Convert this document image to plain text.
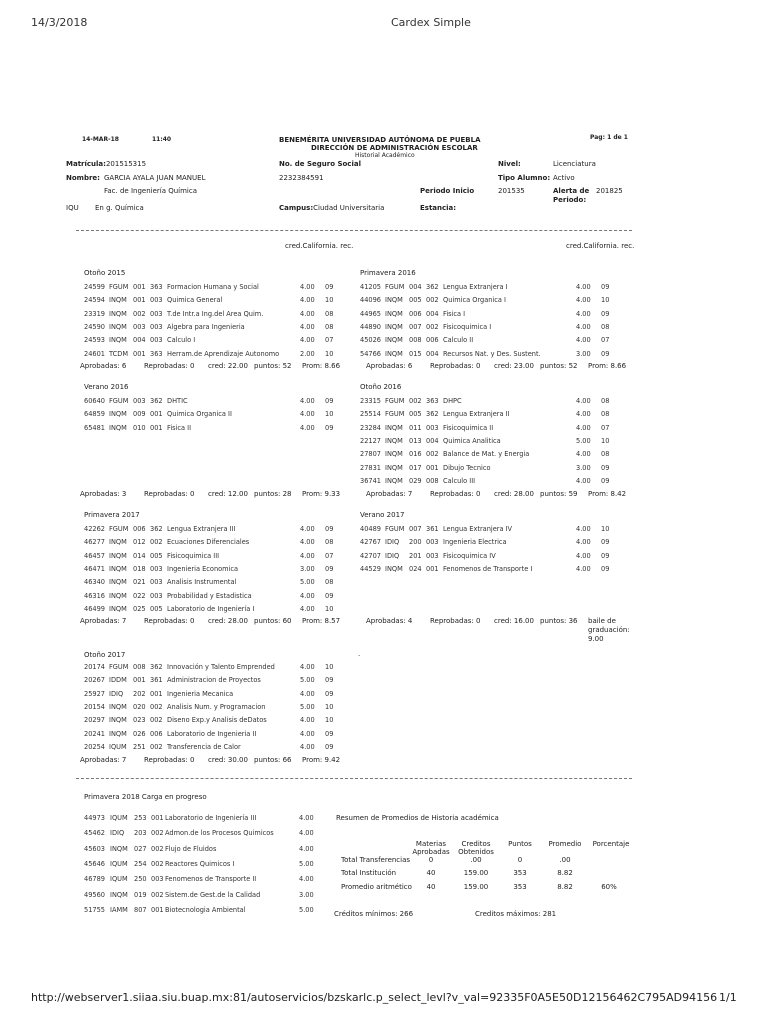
14/3/2018	Cardex Simple
14-MAR-18	11:40	BENEMÉRITA UNIVERSIDAD AUTÓNOMA DE PUEBLA
DIRECCIÓN DE ADMINISTRACIÓN ESCOLAR
Historial Académico
Pag: 1 de 1
Matrícula:201515315	No. de Seguro Social	Nivel:	Licenciatura
Nombre: GARCIA AYALA JUAN MANUEL	2232384591	Tipo Alumno: Activo
Fac. de Ingeniería Química	Periodo Inicio	201535	Alerta de Periodo:
201825
IQU En g. Química	Campus:Ciudad Universitaria	Estancia:
cred.California. rec.	cred.California. rec.
Otoño 2015
24599 FGUM 001 363 Formacion Humana y Social	4.00 09
24594 INQM 001 003 Quimica General	4.00 10
23319 INQM 002 003 T.de Intr.a Ing.del Area Quim.	4.00 08
24590 INQM 003 003 Algebra para Ingenieria	4.00 08
24593 INQM 004 003 Calculo I	4.00 07
24601 TCDM 001 363 Herram.de Aprendizaje Autonomo	2.00 10
Aprobadas: 6	Reprobadas: 0 cred: 22.00 puntos: 52 Prom: 8.66
Primavera 2016
41205 FGUM 004 362 Lengua Extranjera I	4.00 09
44096 INQM 005 002 Quimica Organica I	4.00 10
44965 INQM 006 004 Fisica I	4.00 09
44890 INQM 007 002 Fisicoquimica I	4.00 08
45026 INQM 008 006 Calculo II	4.00 07
54766 INQM 015 004 Recursos Nat. y Des. Sustent.	3.00 09
Aprobadas: 6	Reprobadas: 0 cred: 23.00 puntos: 52 Prom: 8.66
Verano 2016
60640 FGUM 003 362 DHTIC	4.00 09
64859 INQM 009 001 Quimica Organica II	4.00 10
65481 INQM 010 001 Fisica II	4.00 09
Aprobadas: 3	Reprobadas: 0 cred: 12.00 puntos: 28 Prom: 9.33
Otoño 2016
23315 FGUM 002 363 DHPC	4.00 08
25514 FGUM 005 362 Lengua Extranjera II	4.00 08
23284 INQM 011 003 Fisicoquimica II	4.00 07
22127 INQM 013 004 Quimica Analitica	5.00 10
27807 INQM 016 002 Balance de Mat. y Energia	4.00 08
27831 INQM 017 001 Dibujo Tecnico	3.00 09
36741 INQM 029 008 Calculo III	4.00 09
Aprobadas: 7	Reprobadas: 0 cred: 28.00 puntos: 59 Prom: 8.42
Primavera 2017
42262 FGUM 006 362 Lengua Extranjera III	4.00 09
46277 INQM 012 002 Ecuaciones Diferenciales	4.00 08
46457 INQM 014 005 Fisicoquimica III	4.00 07
46471 INQM 018 003 Ingenieria Economica	3.00 09
46340 INQM 021 003 Analisis Instrumental	5.00 08
46316 INQM 022 003 Probabilidad y Estadistica	4.00 09
46499 INQM 025 005 Laboratorio de Ingeniería I	4.00 10
Aprobadas: 7	Reprobadas: 0 cred: 28.00 puntos: 60 Prom: 8.57
Verano 2017
40489 FGUM 007 361 Lengua Extranjera IV	4.00 10
42767 IDIQ 200 003 Ingenieria Electrica	4.00 09
42707 IDIQ 201 003 Fisicoquimica IV	4.00 09
44529 INQM 024 001 Fenomenos de Transporte I	4.00 09
Aprobadas: 4	Reprobadas: 0 cred: 16.00 puntos: 36 baile de graduación: 9.00
Otoño 2017
20174 FGUM 008 362 Innovación y Talento Emprended	4.00 10
20267 IDDM 001 361 Administracion de Proyectos	5.00 09
25927 IDIQ 202 001 Ingenieria Mecanica	4.00 09
20154 INQM 020 002 Analisis Num. y Programacion	5.00 10
20297 INQM 023 002 Diseno Exp.y Analisis deDatos	4.00 10
20241 INQM 026 006 Laboratorio de Ingenieria II	4.00 09
20254 IQUM 251 002 Transferencia de Calor	4.00 09
Aprobadas: 7	Reprobadas: 0 cred: 30.00 puntos: 66 Prom: 9.42
.
Primavera 2018 Carga en progreso
44973 IQUM 253 001 Laboratorio de Ingeniería III	4.00
45462 IDIQ 203 002 Admon.de los Procesos Quimicos	4.00
45603 INQM 027 002 Flujo de Fluidos	4.00
45646 IQUM 254 002 Reactores Quimicos I	5.00
46789 IQUM 250 003 Fenomenos de Transporte II	4.00
49560 INQM 019 002 Sistem.de Gest.de la Calidad	3.00
51755 IAMM 807 001 Biotecnologia Ambiental	5.00
Resumen de Promedios de Historia académica
Materias Aprobadas
Creditos Obtenidos
Puntos	Promedio	Porcentaje
Total Transferencias	0	.00	0	.00
Total Institución	40	159.00	353	8.82
Promedio aritmético	40	159.00	353	8.82	60%
Créditos mínimos: 266	Creditos máximos: 281
http://webserver1.siiaa.siu.buap.mx:81/autoservicios/bzskarlc.p_select_levl?v_val=92335F0A5E50D12156462C795AD94156 1/1
